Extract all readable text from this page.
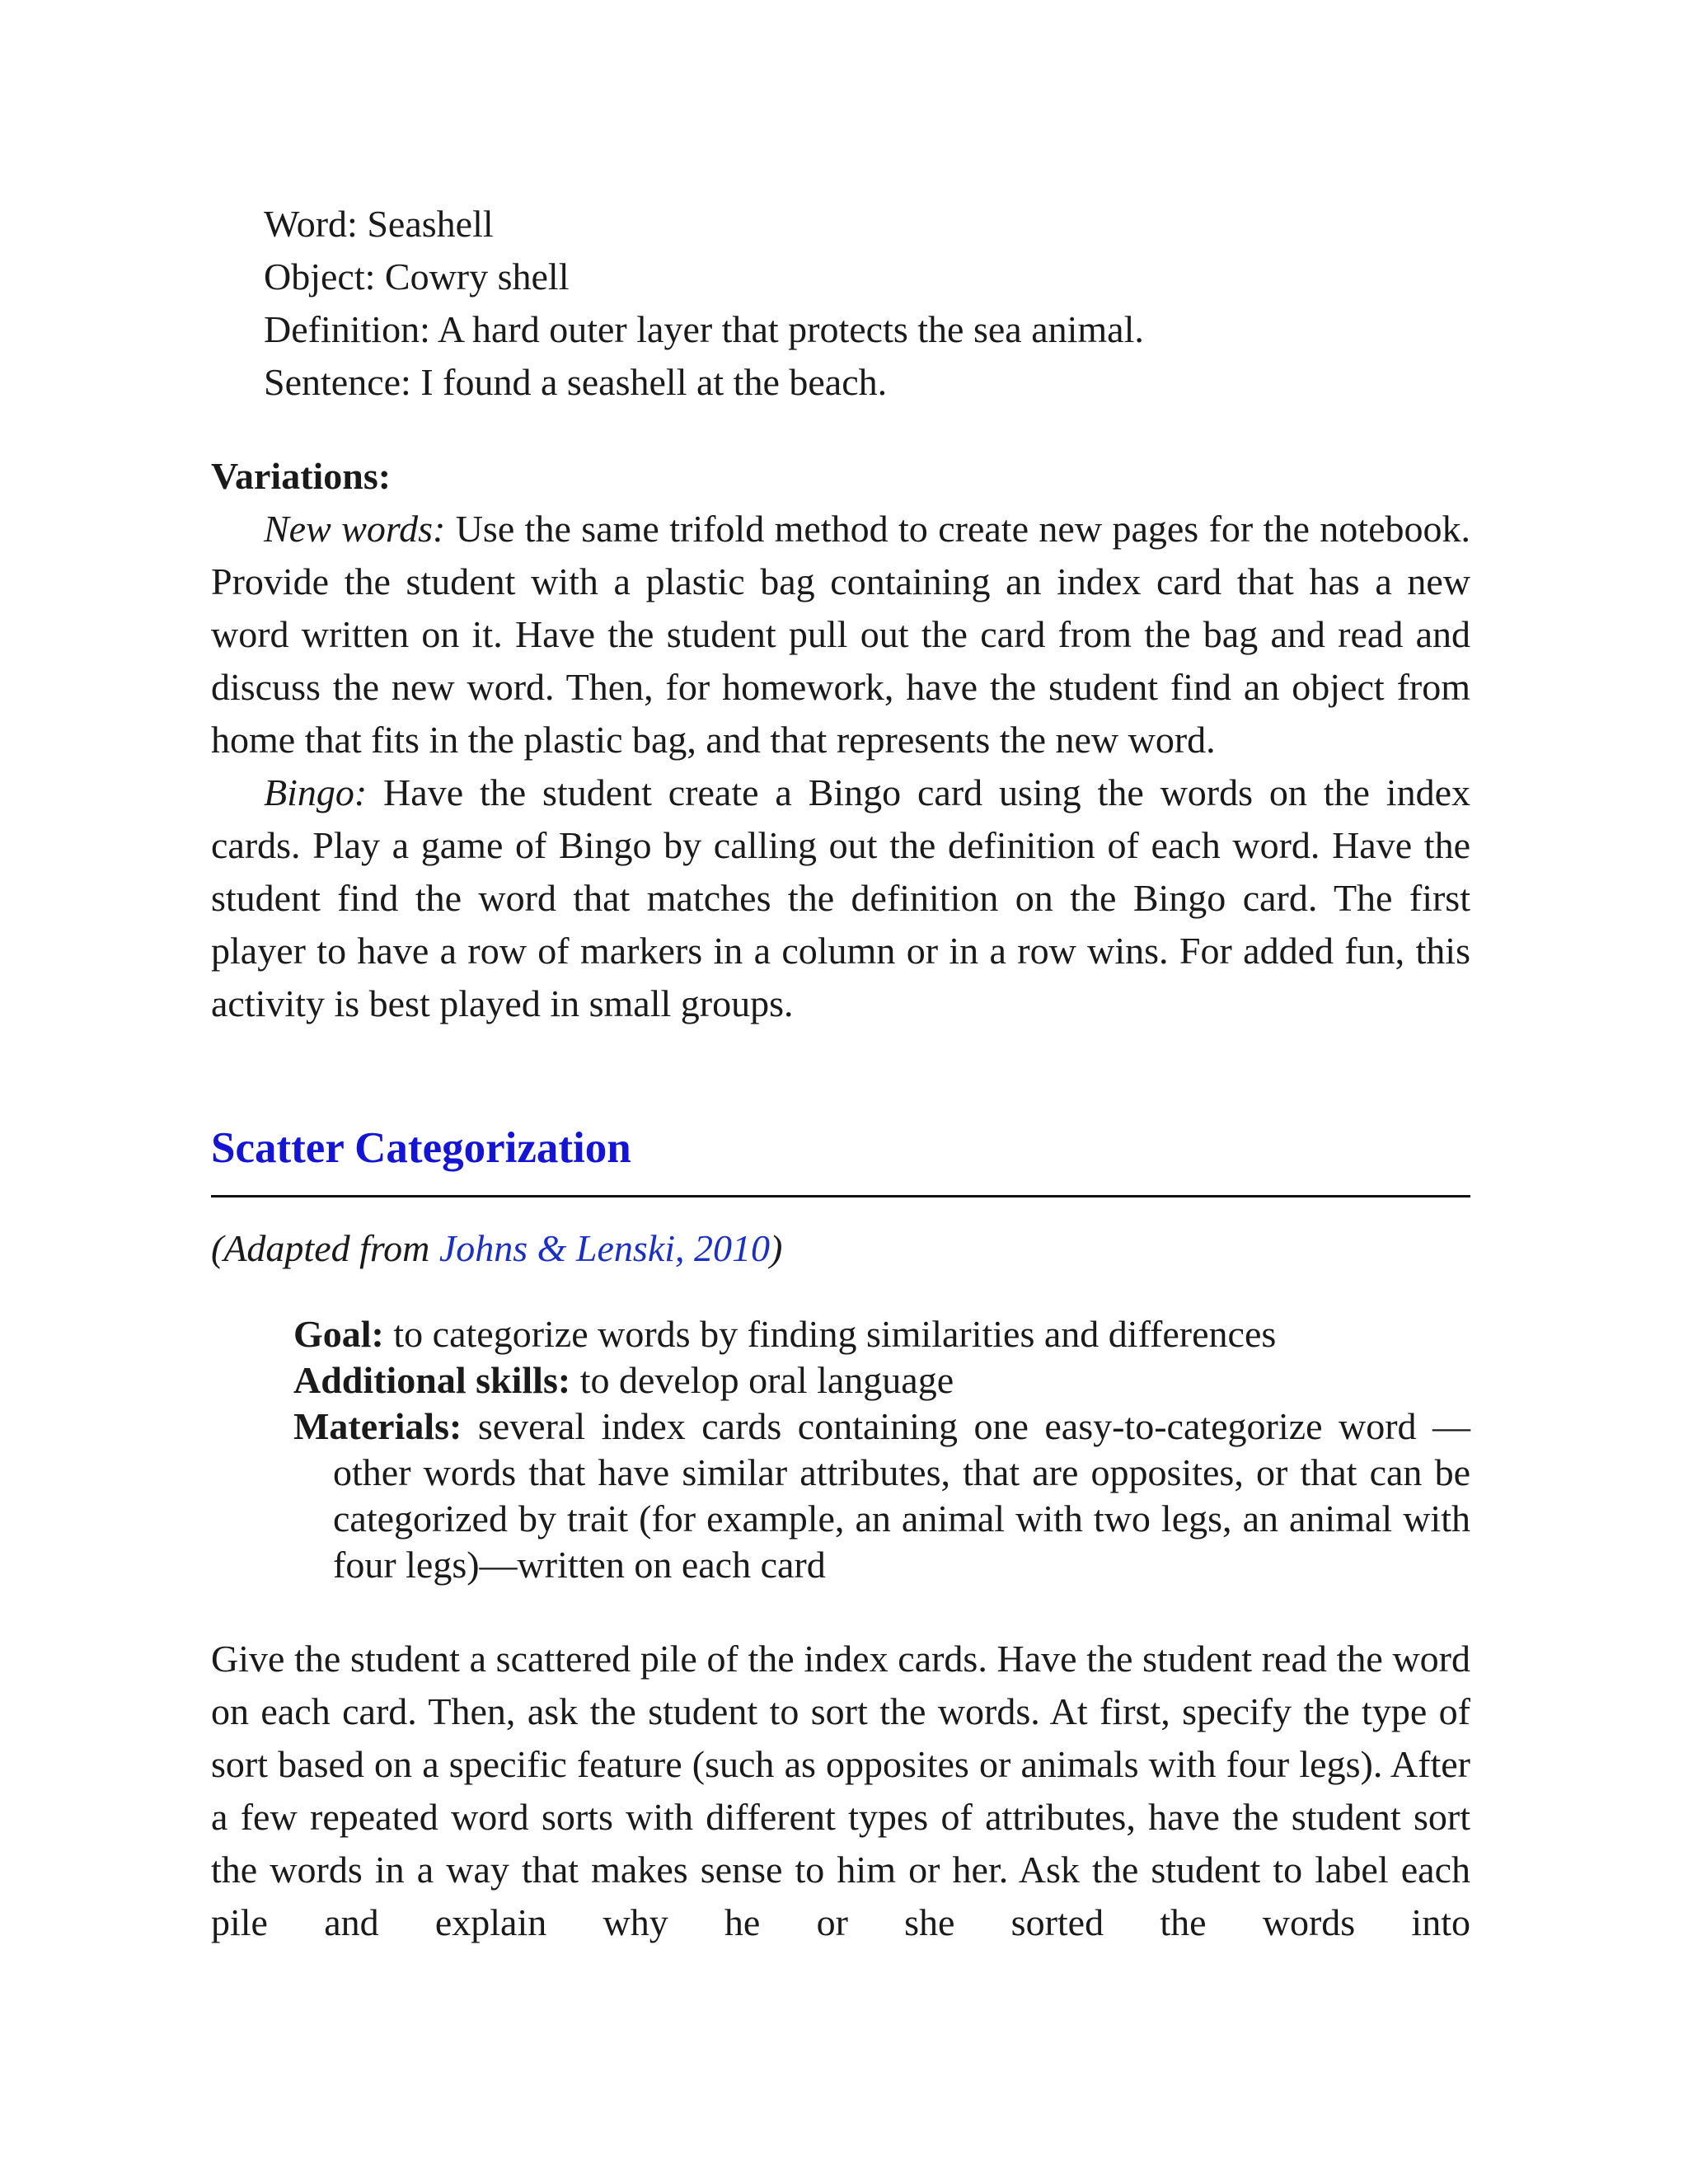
Word: Seashell
Object: Cowry shell
Definition: A hard outer layer that protects the sea animal.
Sentence: I found a seashell at the beach.
Variations:

New words: Use the same trifold method to create new pages for the notebook. Provide the student with a plastic bag containing an index card that has a new word written on it. Have the student pull out the card from the bag and read and discuss the new word. Then, for homework, have the student find an object from home that fits in the plastic bag, and that represents the new word.

Bingo: Have the student create a Bingo card using the words on the index cards. Play a game of Bingo by calling out the definition of each word. Have the student find the word that matches the definition on the Bingo card. The first player to have a row of markers in a column or in a row wins. For added fun, this activity is best played in small groups.

Scatter Categorization
(Adapted from Johns & Lenski, 2010)
Goal: to categorize words by finding similarities and differences
Additional skills: to develop oral language
Materials: several index cards containing one easy-to-categorize word —other words that have similar attributes, that are opposites, or that can be categorized by trait (for example, an animal with two legs, an animal with four legs)—written on each card
Give the student a scattered pile of the index cards. Have the student read the word on each card. Then, ask the student to sort the words. At first, specify the type of sort based on a specific feature (such as opposites or animals with four legs). After a few repeated word sorts with different types of attributes, have the student sort the words in a way that makes sense to him or her. Ask the student to label each pile and explain why he or she sorted the words into
